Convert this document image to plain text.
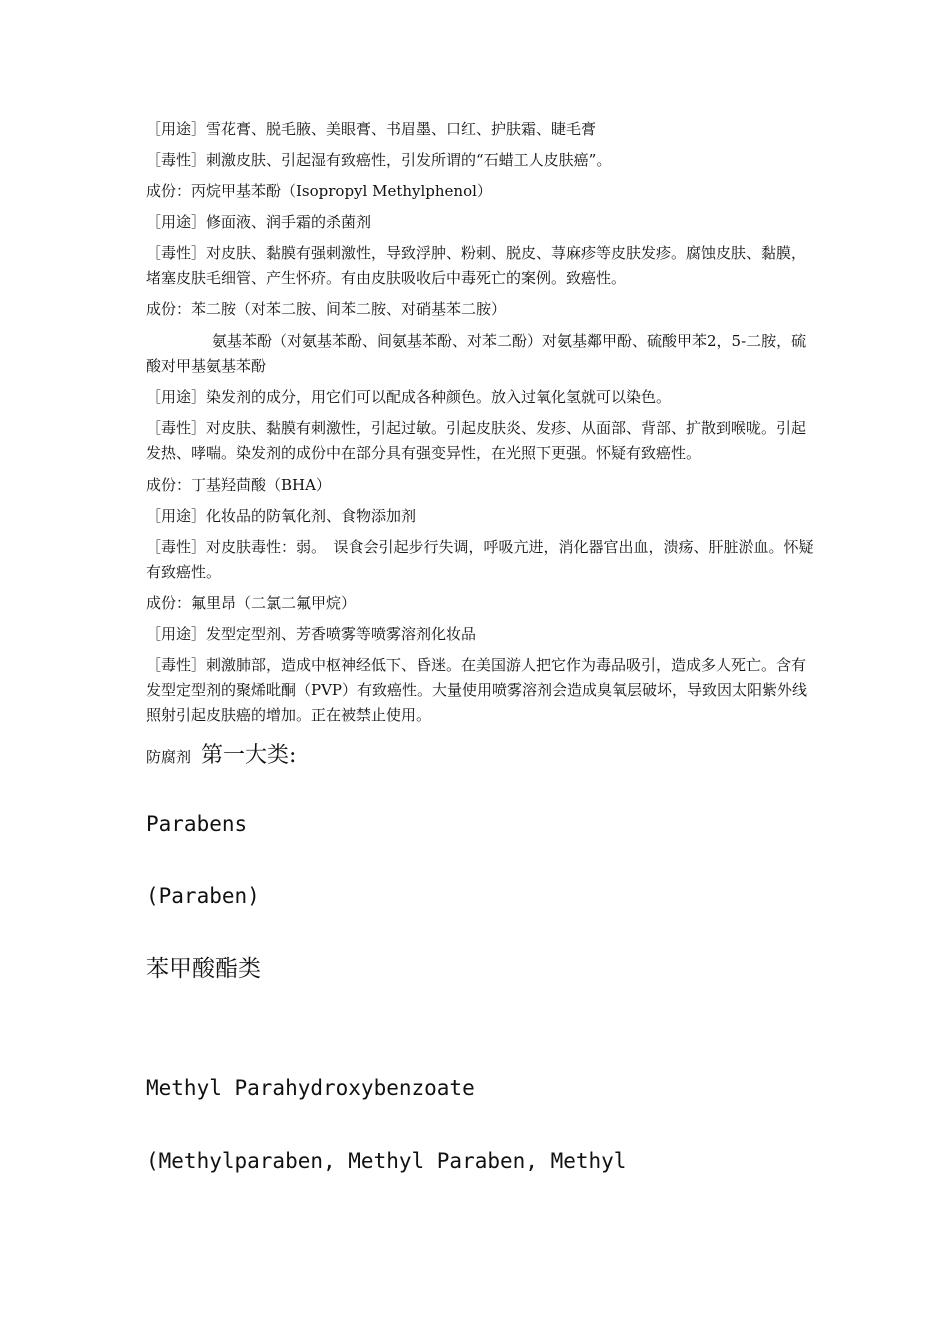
［用途］雪花膏、脱毛腋、美眼膏、书眉墨、口红、护肤霜、睫毛膏
［毒性］刺激皮肤、引起湿有致癌性，引发所谓的“石蜡工人皮肤癌”。
成份：丙烷甲基苯酚（Isopropyl Methylphenol）
［用途］修面液、润手霜的杀菌剂
［毒性］对皮肤、黏膜有强刺激性，导致浮肿、粉刺、脱皮、荨麻疹等皮肤发疹。腐蚀皮肤、黏膜，堵塞皮肤毛细管、产生怀疥。有由皮肤吸收后中毒死亡的案例。致癌性。
成份：苯二胺（对苯二胺、间苯二胺、对硝基苯二胺）
氨基苯酚（对氨基苯酚、间氨基苯酚、对苯二酚）对氨基鄰甲酚、硫酸甲苯2，5-二胺，硫酸对甲基氨基苯酚
［用途］染发剂的成分，用它们可以配成各种颜色。放入过氧化氢就可以染色。
［毒性］对皮肤、黏膜有刺激性，引起过敏。引起皮肤炎、发疹、从面部、背部、扩散到喉咙。引起发热、哮喘。染发剂的成份中在部分具有强变异性，在光照下更强。怀疑有致癌性。
成份：丁基羟茴酸（BHA）
［用途］化妆品的防氧化剂、食物添加剂
［毒性］对皮肤毒性：弱。　误食会引起步行失调，呼吸亢进，消化器官出血，溃疡、肝脏淤血。怀疑有致癌性。
成份：氟里昂（二氯二氟甲烷）
［用途］发型定型剂、芳香喷雾等喷雾溶剂化妆品
［毒性］刺激肺部，造成中枢神经低下、昏迷。在美国游人把它作为毒品吸引，造成多人死亡。含有发型定型剂的聚烯吡酮（PVP）有致癌性。大量使用喷雾溶剂会造成臭氧层破坏，导致因太阳紫外线照射引起皮肤癌的增加。正在被禁止使用。
防腐剂 第一大类:
Parabens
(Paraben)
苯甲酸酯类
Methyl Parahydroxybenzoate
(Methylparaben, Methyl Paraben, Methyl
